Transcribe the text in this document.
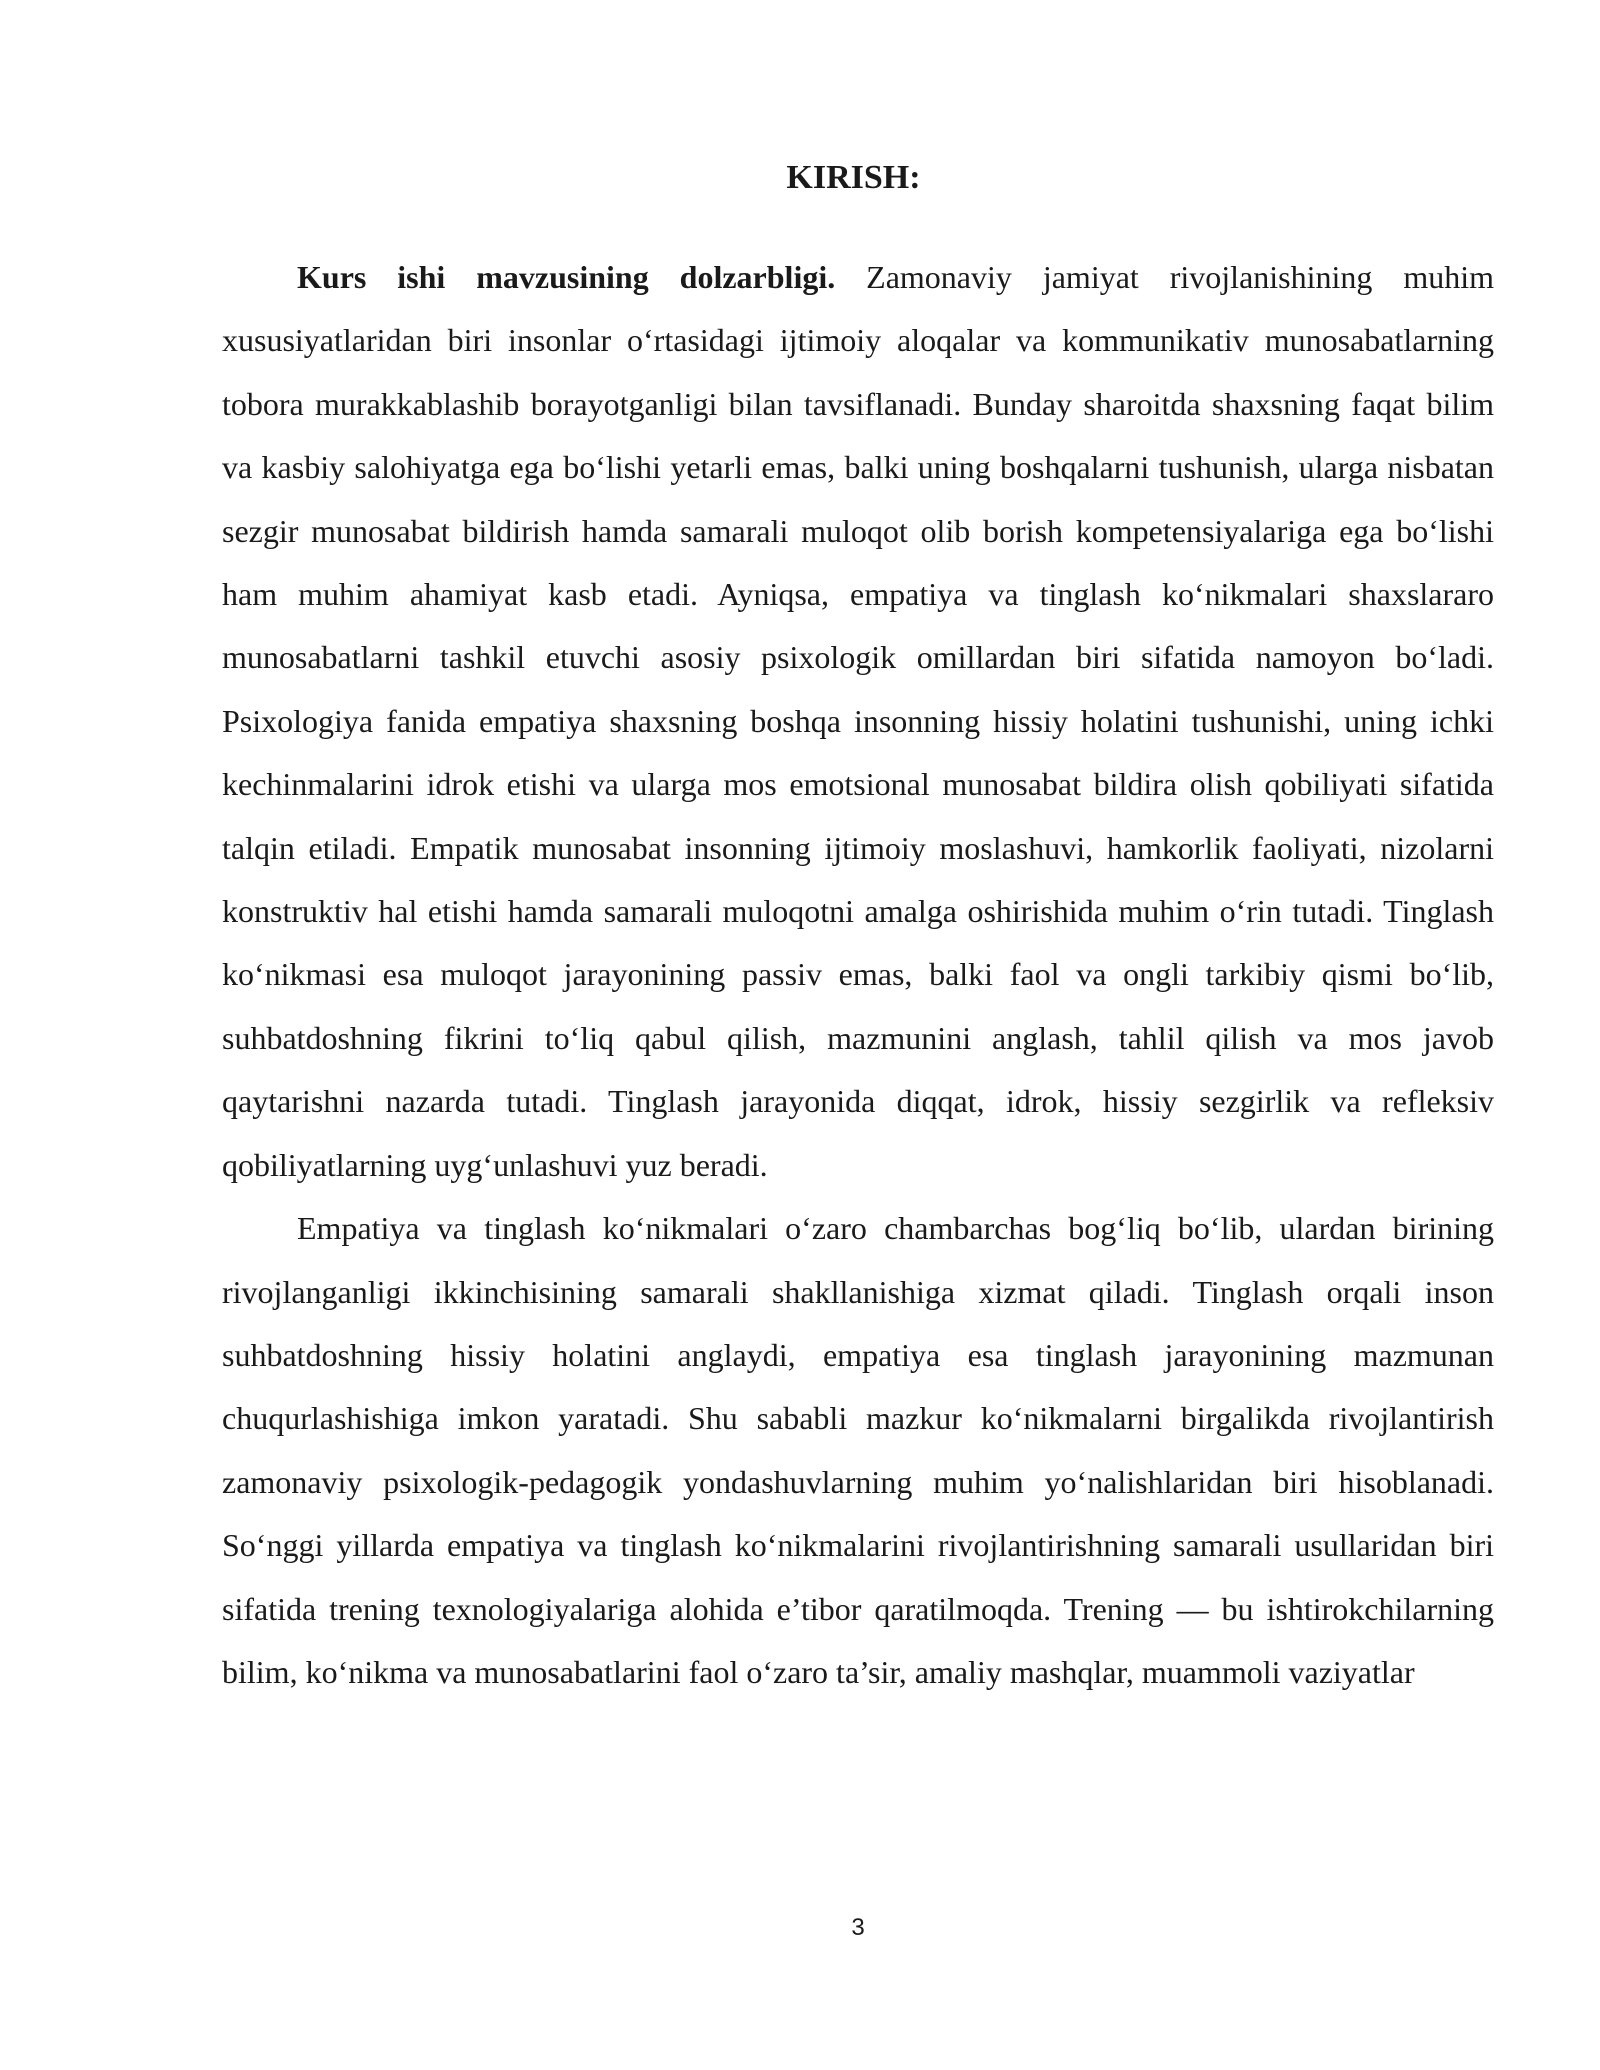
KIRISH:

Kurs ishi mavzusining dolzarbligi. Zamonaviy jamiyat rivojlanishining muhim xususiyatlaridan biri insonlar o‘rtasidagi ijtimoiy aloqalar va kommunikativ munosabatlarning tobora murakkablashib borayotganligi bilan tavsiflanadi. Bunday sharoitda shaxsning faqat bilim va kasbiy salohiyatga ega bo‘lishi yetarli emas, balki uning boshqalarni tushunish, ularga nisbatan sezgir munosabat bildirish hamda samarali muloqot olib borish kompetensiyalariga ega bo‘lishi ham muhim ahamiyat kasb etadi. Ayniqsa, empatiya va tinglash ko‘nikmalari shaxslararo munosabatlarni tashkil etuvchi asosiy psixologik omillardan biri sifatida namoyon bo‘ladi. Psixologiya fanida empatiya shaxsning boshqa insonning hissiy holatini tushunishi, uning ichki kechinmalarini idrok etishi va ularga mos emotsional munosabat bildira olish qobiliyati sifatida talqin etiladi. Empatik munosabat insonning ijtimoiy moslashuvi, hamkorlik faoliyati, nizolarni konstruktiv hal etishi hamda samarali muloqotni amalga oshirishida muhim o‘rin tutadi. Tinglash ko‘nikmasi esa muloqot jarayonining passiv emas, balki faol va ongli tarkibiy qismi bo‘lib, suhbatdoshning fikrini to‘liq qabul qilish, mazmunini anglash, tahlil qilish va mos javob qaytarishni nazarda tutadi. Tinglash jarayonida diqqat, idrok, hissiy sezgirlik va refleksiv qobiliyatlarning uyg‘unlashuvi yuz beradi.

Empatiya va tinglash ko‘nikmalari o‘zaro chambarchas bog‘liq bo‘lib, ulardan birining rivojlanganligi ikkinchisining samarali shakllanishiga xizmat qiladi. Tinglash orqali inson suhbatdoshning hissiy holatini anglaydi, empatiya esa tinglash jarayonining mazmunan chuqurlashishiga imkon yaratadi. Shu sababli mazkur ko‘nikmalarni birgalikda rivojlantirish zamonaviy psixologik-pedagogik yondashuvlarning muhim yo‘nalishlaridan biri hisoblanadi. So‘nggi yillarda empatiya va tinglash ko‘nikmalarini rivojlantirishning samarali usullaridan biri sifatida trening texnologiyalariga alohida e’tibor qaratilmoqda. Trening — bu ishtirokchilarning bilim, ko‘nikma va munosabatlarini faol o‘zaro ta’sir, amaliy mashqlar, muammoli vaziyatlar

3
